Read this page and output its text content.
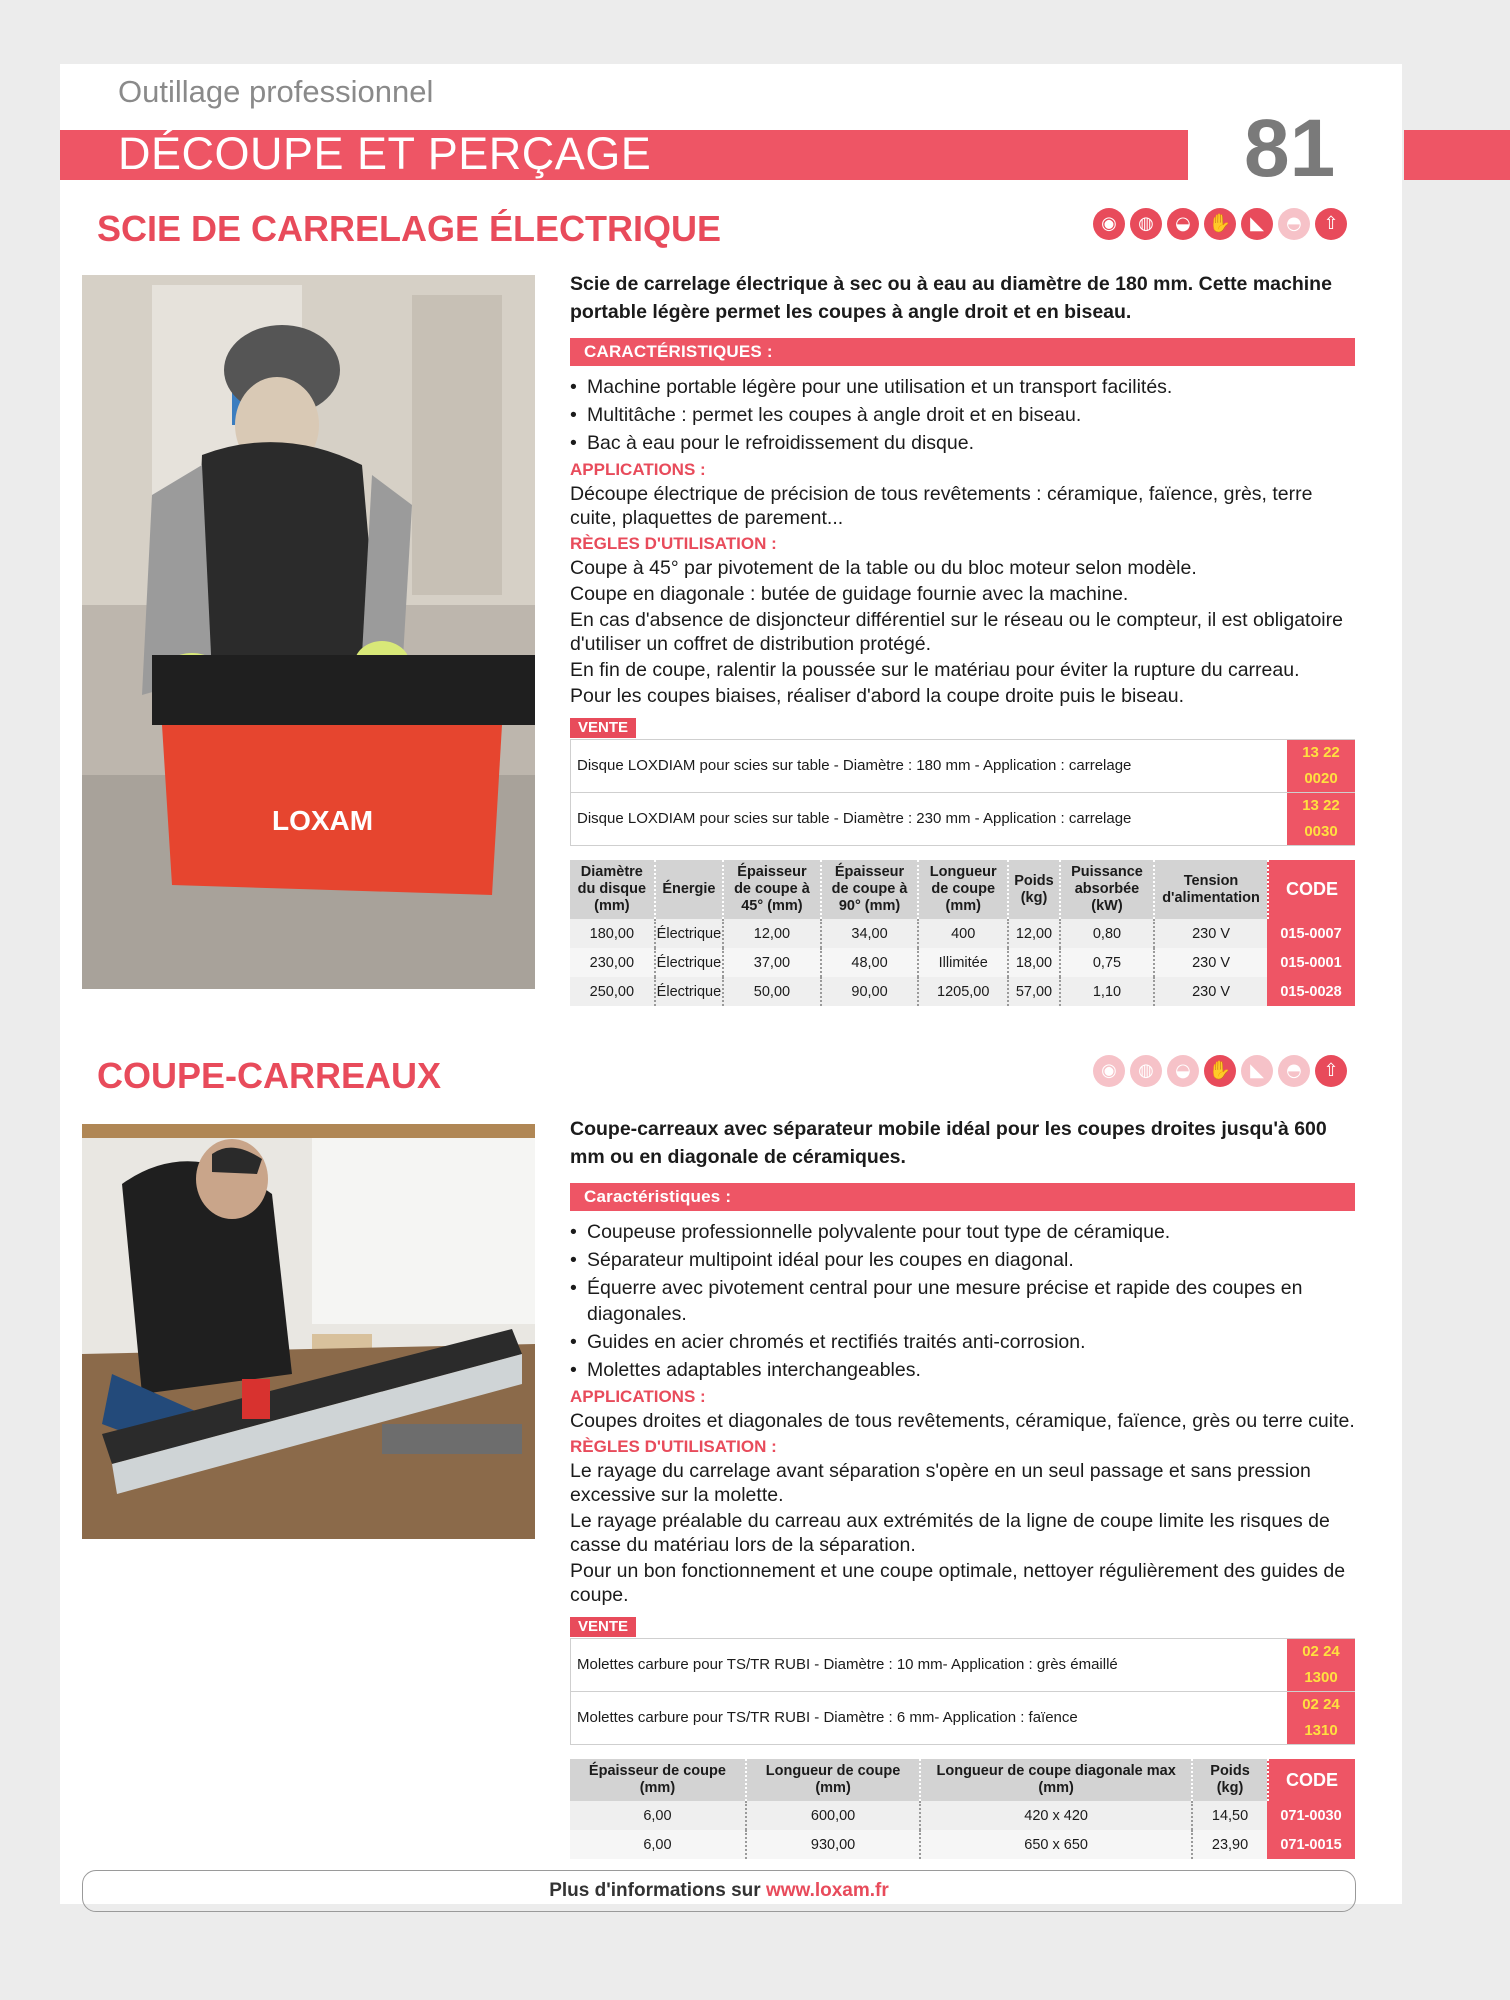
Outillage professionnel
DÉCOUPE ET PERÇAGE	81
SCIE DE CARRELAGE ÉLECTRIQUE	◉	◍	◒ ✋	◣	◓	⇧
LOXAM

Scie de carrelage électrique à sec ou à eau au diamètre de 180 mm. Cette machine portable légère permet les coupes à angle droit et en biseau.

CARACTÉRISTIQUES :
• Machine portable légère pour une utilisation et un transport facilités.
• Multitâche : permet les coupes à angle droit et en biseau.
• Bac à eau pour le refroidissement du disque.
APPLICATIONS :

Découpe électrique de précision de tous revêtements : céramique, faïence, grès, terre cuite, plaquettes de parement...

RÈGLES D'UTILISATION :

Coupe à 45° par pivotement de la table ou du bloc moteur selon modèle.

Coupe en diagonale : butée de guidage fournie avec la machine.

En cas d'absence de disjoncteur différentiel sur le réseau ou le compteur, il est obligatoire d'utiliser un coffret de distribution protégé.

En fin de coupe, ralentir la poussée sur le matériau pour éviter la rupture du carreau.

Pour les coupes biaises, réaliser d'abord la coupe droite puis le biseau.

VENTE
Disque LOXDIAM pour scies sur table - Diamètre : 180 mm - Application : carrelage	13 22 0020
Disque LOXDIAM pour scies sur table - Diamètre : 230 mm - Application : carrelage	13 22 0030
Diamètre du disque (mm)	Énergie	Épaisseur de coupe à 45° (mm)	Épaisseur de coupe à 90° (mm)	Longueur de coupe (mm)	Poids (kg)	Puissance absorbée (kW)	Tension d'alimentation	CODE
180,00	Électrique	12,00	34,00	400	12,00	0,80	230 V	015-0007
230,00	Électrique	37,00	48,00	Illimitée	18,00	0,75	230 V	015-0001
250,00	Électrique	50,00	90,00	1205,00	57,00	1,10	230 V	015-0028
COUPE-CARREAUX	◉	◍	◒ ✋	◣	◓	⇧

Coupe-carreaux avec séparateur mobile idéal pour les coupes droites jusqu'à 600 mm ou en diagonale de céramiques.

Caractéristiques :
• Coupeuse professionnelle polyvalente pour tout type de céramique.
• Séparateur multipoint idéal pour les coupes en diagonal.
• Équerre avec pivotement central pour une mesure précise et rapide des coupes en diagonales.
• Guides en acier chromés et rectifiés traités anti-corrosion.
• Molettes adaptables interchangeables.
APPLICATIONS :

Coupes droites et diagonales de tous revêtements, céramique, faïence, grès ou terre cuite.

RÈGLES D'UTILISATION :

Le rayage du carrelage avant séparation s'opère en un seul passage et sans pression excessive sur la molette.

Le rayage préalable du carreau aux extrémités de la ligne de coupe limite les risques de casse du matériau lors de la séparation.

Pour un bon fonctionnement et une coupe optimale, nettoyer régulièrement des guides de coupe.

VENTE
Molettes carbure pour TS/TR RUBI - Diamètre : 10 mm- Application : grès émaillé	02 24 1300
Molettes carbure pour TS/TR RUBI - Diamètre : 6 mm- Application : faïence	02 24 1310
Épaisseur de coupe (mm)	Longueur de coupe (mm)	Longueur de coupe diagonale max (mm)	Poids (kg)	CODE
6,00	600,00	420 x 420	14,50	071-0030
6,00	930,00	650 x 650	23,90	071-0015
Plus d'informations sur www.loxam.fr
